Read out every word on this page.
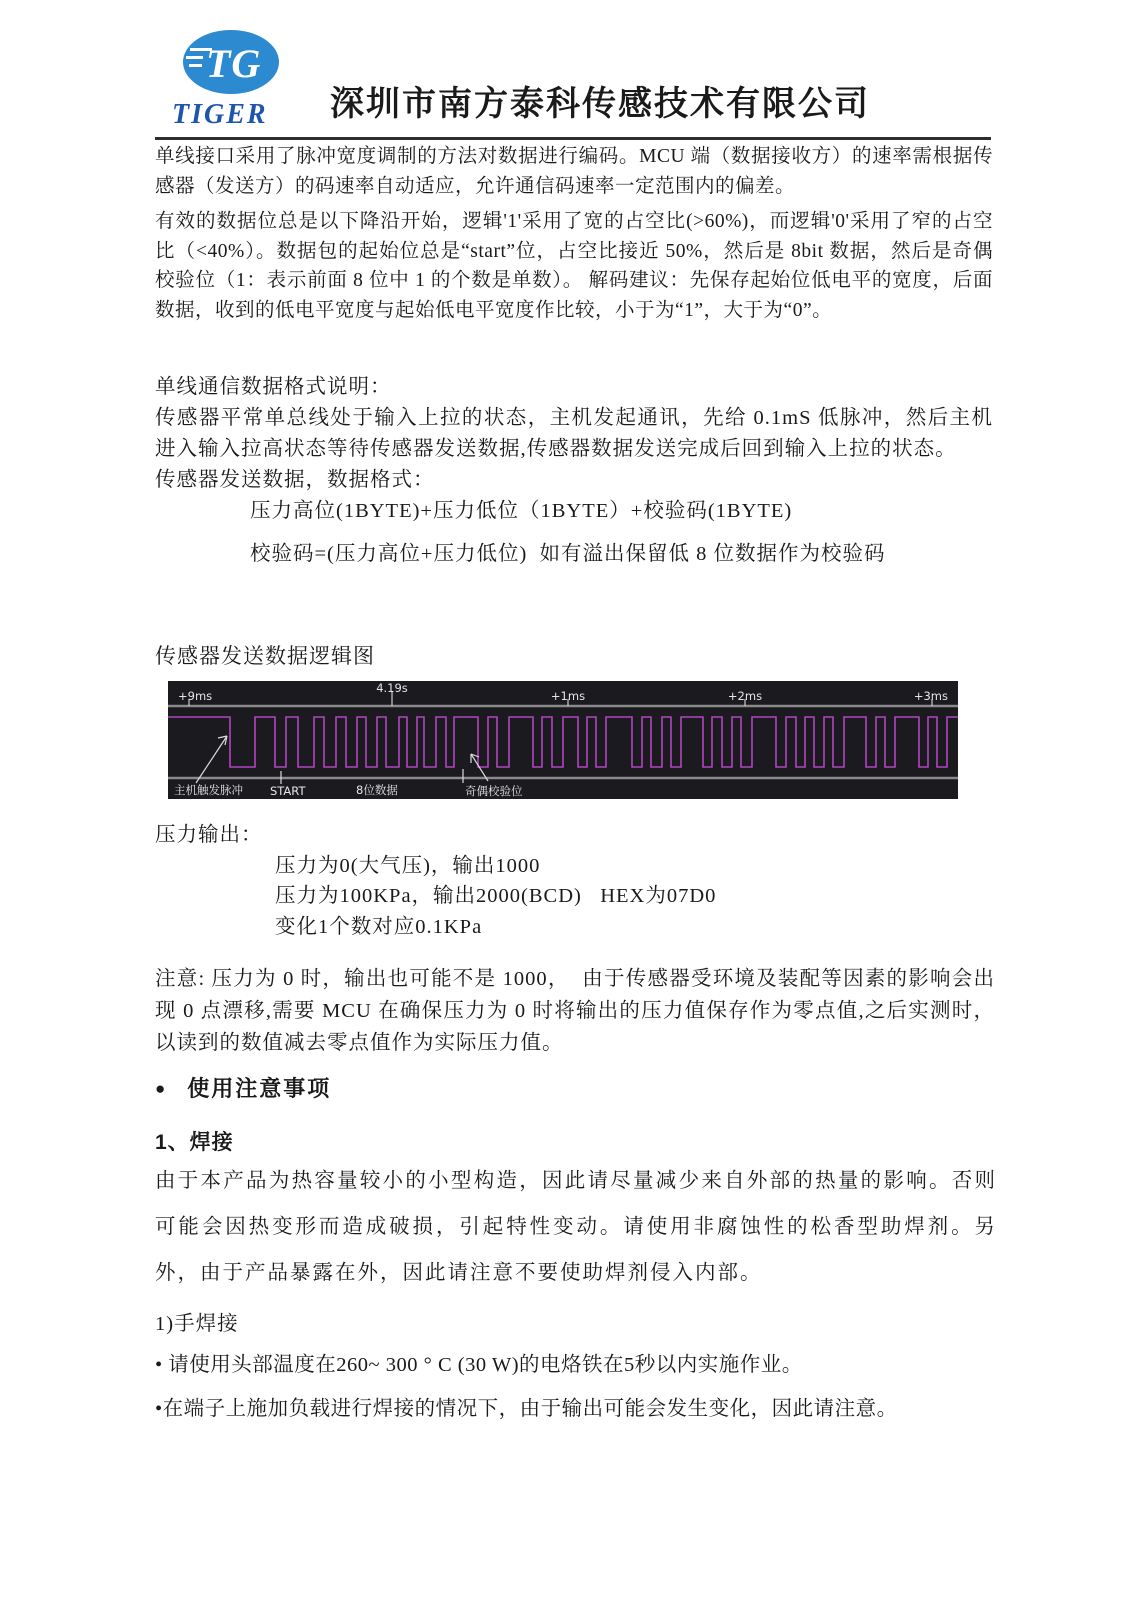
TG
TIGER 深圳市南方泰科传感技术有限公司

单线接口采用了脉冲宽度调制的方法对数据进行编码。MCU 端（数据接收方）的速率需根据传感器（发送方）的码速率自动适应，允许通信码速率一定范围内的偏差。

有效的数据位总是以下降沿开始，逻辑'1'采用了宽的占空比(>60%)，而逻辑'0'采用了窄的占空比（<40%）。数据包的起始位总是“start”位，占空比接近 50%，然后是 8bit 数据，然后是奇偶校验位（1：表示前面 8 位中 1 的个数是单数）。 解码建议：先保存起始位低电平的宽度，后面数据，收到的低电平宽度与起始低电平宽度作比较，小于为“1”，大于为“0”。

单线通信数据格式说明：

传感器平常单总线处于输入上拉的状态，主机发起通讯，先给 0.1mS 低脉冲，然后主机进入输入拉高状态等待传感器发送数据,传感器数据发送完成后回到输入上拉的状态。

传感器发送数据，数据格式：

压力高位(1BYTE)+压力低位（1BYTE）+校验码(1BYTE)

校验码=(压力高位+压力低位)  如有溢出保留低 8 位数据作为校验码

传感器发送数据逻辑图
+9ms
4.19s
+1ms	+2ms	+3ms
主机触发脉冲 START	8位数据	奇偶校验位

压力输出：

压力为0(大气压)，输出1000

压力为100KPa，输出2000(BCD)   HEX为07D0

变化1个数对应0.1KPa

注意: 压力为 0 时，输出也可能不是 1000，  由于传感器受环境及装配等因素的影响会出现 0 点漂移,需要 MCU 在确保压力为 0 时将输出的压力值保存作为零点值,之后实测时， 以读到的数值减去零点值作为实际压力值。
● 使用注意事项
1、焊接
由于本产品为热容量较小的小型构造，因此请尽量减少来自外部的热量的影响。否则可能会因热变形而造成破损，引起特性变动。请使用非腐蚀性的松香型助焊剂。另外，由于产品暴露在外，因此请注意不要使助焊剂侵入内部。
1)手焊接
• 请使用头部温度在260~ 300 ° C (30 W)的电烙铁在5秒以内实施作业。
•在端子上施加负载进行焊接的情况下，由于输出可能会发生变化，因此请注意。
